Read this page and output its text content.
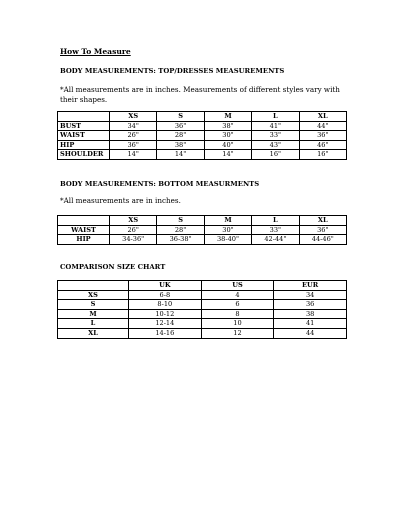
How To Measure
BODY MEASUREMENTS: TOP/DRESSES MEASUREMENTS
*All measurements are in inches. Measurements of different styles vary with their shapes.
	XS	S	M	L	XL
BUST	34"	36"	38"	41"	44"
WAIST	26"	28"	30"	33"	36"
HIP	36"	38"	40"	43"	46"
SHOULDER	14"	14"	14"	16"	16"
BODY MEASUREMENTS: BOTTOM MEASURMENTS
*All measurements are in inches.
	XS	S	M	L	XL
WAIST	26"	28"	30"	33"	36"
HIP	34-36"	36-38"	38-40"	42-44"	44-46"
COMPARISON SIZE CHART
	UK	US	EUR
XS	6-8	4	34
S	8-10	6	36
M	10-12	8	38
L	12-14	10	41
XL	14-16	12	44
